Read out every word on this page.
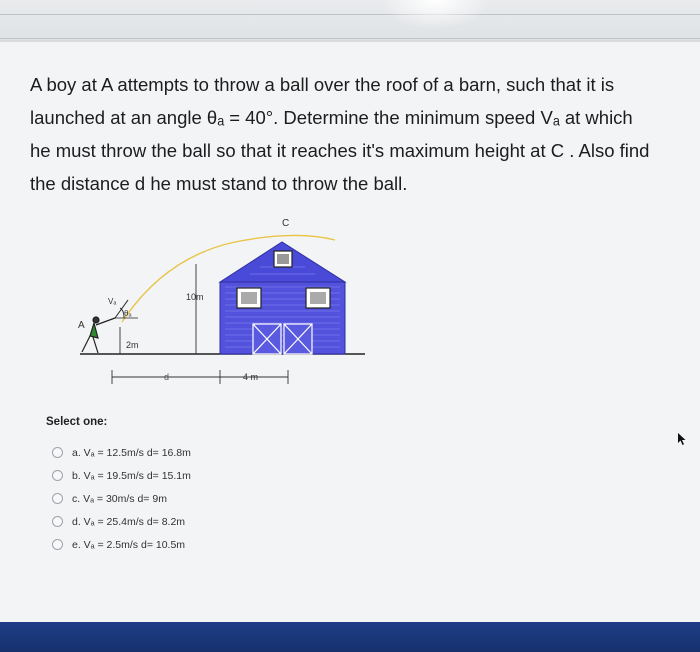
A boy at A attempts to throw a ball over the roof of a barn, such that it is
launched at an angle θₐ = 40°. Determine the minimum speed Vₐ at which
he must throw the ball so that it reaches it's maximum height at C . Also find
the distance d he must stand to throw the ball.
C
10m
Vₐ
θₐ
A
2m
d	4 m
Select one:
a. Vₐ = 12.5m/s d= 16.8m
b. Vₐ = 19.5m/s d= 15.1m
c. Vₐ = 30m/s d= 9m
d. Vₐ = 25.4m/s d= 8.2m
e. Vₐ = 2.5m/s d= 10.5m
